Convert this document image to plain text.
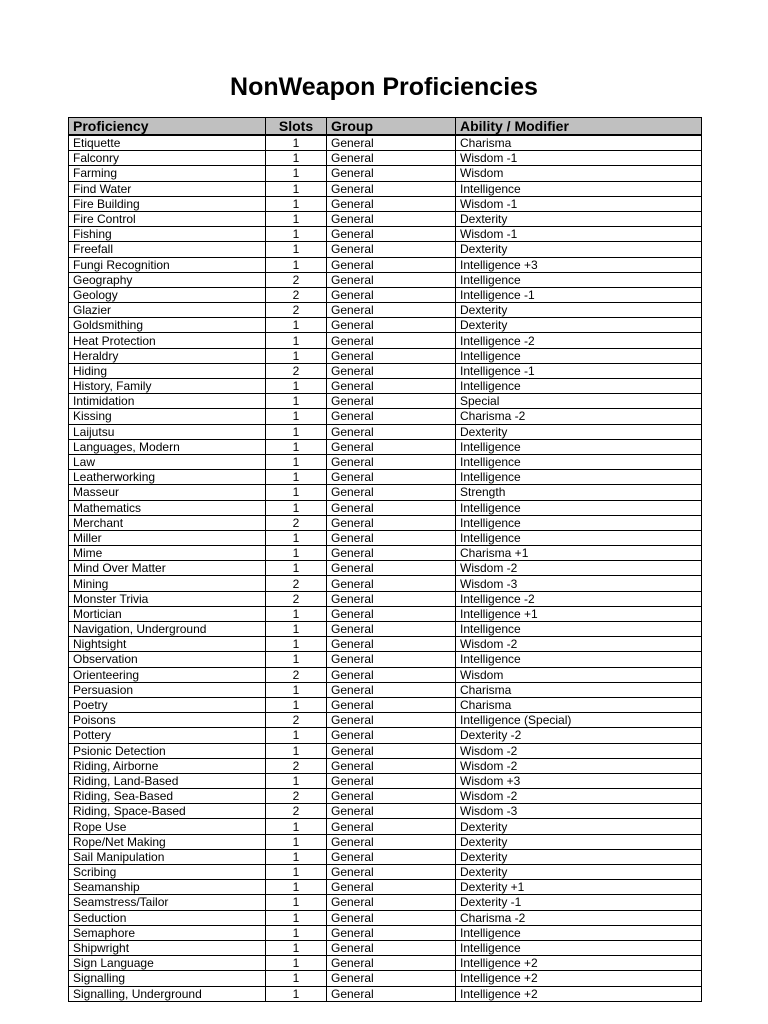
NonWeapon Proficiencies
Proficiency	Slots	Group	Ability / Modifier
Etiquette	1	General	Charisma
Falconry	1	General	Wisdom -1
Farming	1	General	Wisdom
Find Water	1	General	Intelligence
Fire Building	1	General	Wisdom -1
Fire Control	1	General	Dexterity
Fishing	1	General	Wisdom -1
Freefall	1	General	Dexterity
Fungi Recognition	1	General	Intelligence +3
Geography	2	General	Intelligence
Geology	2	General	Intelligence -1
Glazier	2	General	Dexterity
Goldsmithing	1	General	Dexterity
Heat Protection	1	General	Intelligence -2
Heraldry	1	General	Intelligence
Hiding	2	General	Intelligence -1
History, Family	1	General	Intelligence
Intimidation	1	General	Special
Kissing	1	General	Charisma -2
Laijutsu	1	General	Dexterity
Languages, Modern	1	General	Intelligence
Law	1	General	Intelligence
Leatherworking	1	General	Intelligence
Masseur	1	General	Strength
Mathematics	1	General	Intelligence
Merchant	2	General	Intelligence
Miller	1	General	Intelligence
Mime	1	General	Charisma +1
Mind Over Matter	1	General	Wisdom -2
Mining	2	General	Wisdom -3
Monster Trivia	2	General	Intelligence -2
Mortician	1	General	Intelligence +1
Navigation, Underground	1	General	Intelligence
Nightsight	1	General	Wisdom -2
Observation	1	General	Intelligence
Orienteering	2	General	Wisdom
Persuasion	1	General	Charisma
Poetry	1	General	Charisma
Poisons	2	General	Intelligence (Special)
Pottery	1	General	Dexterity -2
Psionic Detection	1	General	Wisdom -2
Riding, Airborne	2	General	Wisdom -2
Riding, Land-Based	1	General	Wisdom +3
Riding, Sea-Based	2	General	Wisdom -2
Riding, Space-Based	2	General	Wisdom -3
Rope Use	1	General	Dexterity
Rope/Net Making	1	General	Dexterity
Sail Manipulation	1	General	Dexterity
Scribing	1	General	Dexterity
Seamanship	1	General	Dexterity +1
Seamstress/Tailor	1	General	Dexterity -1
Seduction	1	General	Charisma -2
Semaphore	1	General	Intelligence
Shipwright	1	General	Intelligence
Sign Language	1	General	Intelligence +2
Signalling	1	General	Intelligence +2
Signalling, Underground	1	General	Intelligence +2
